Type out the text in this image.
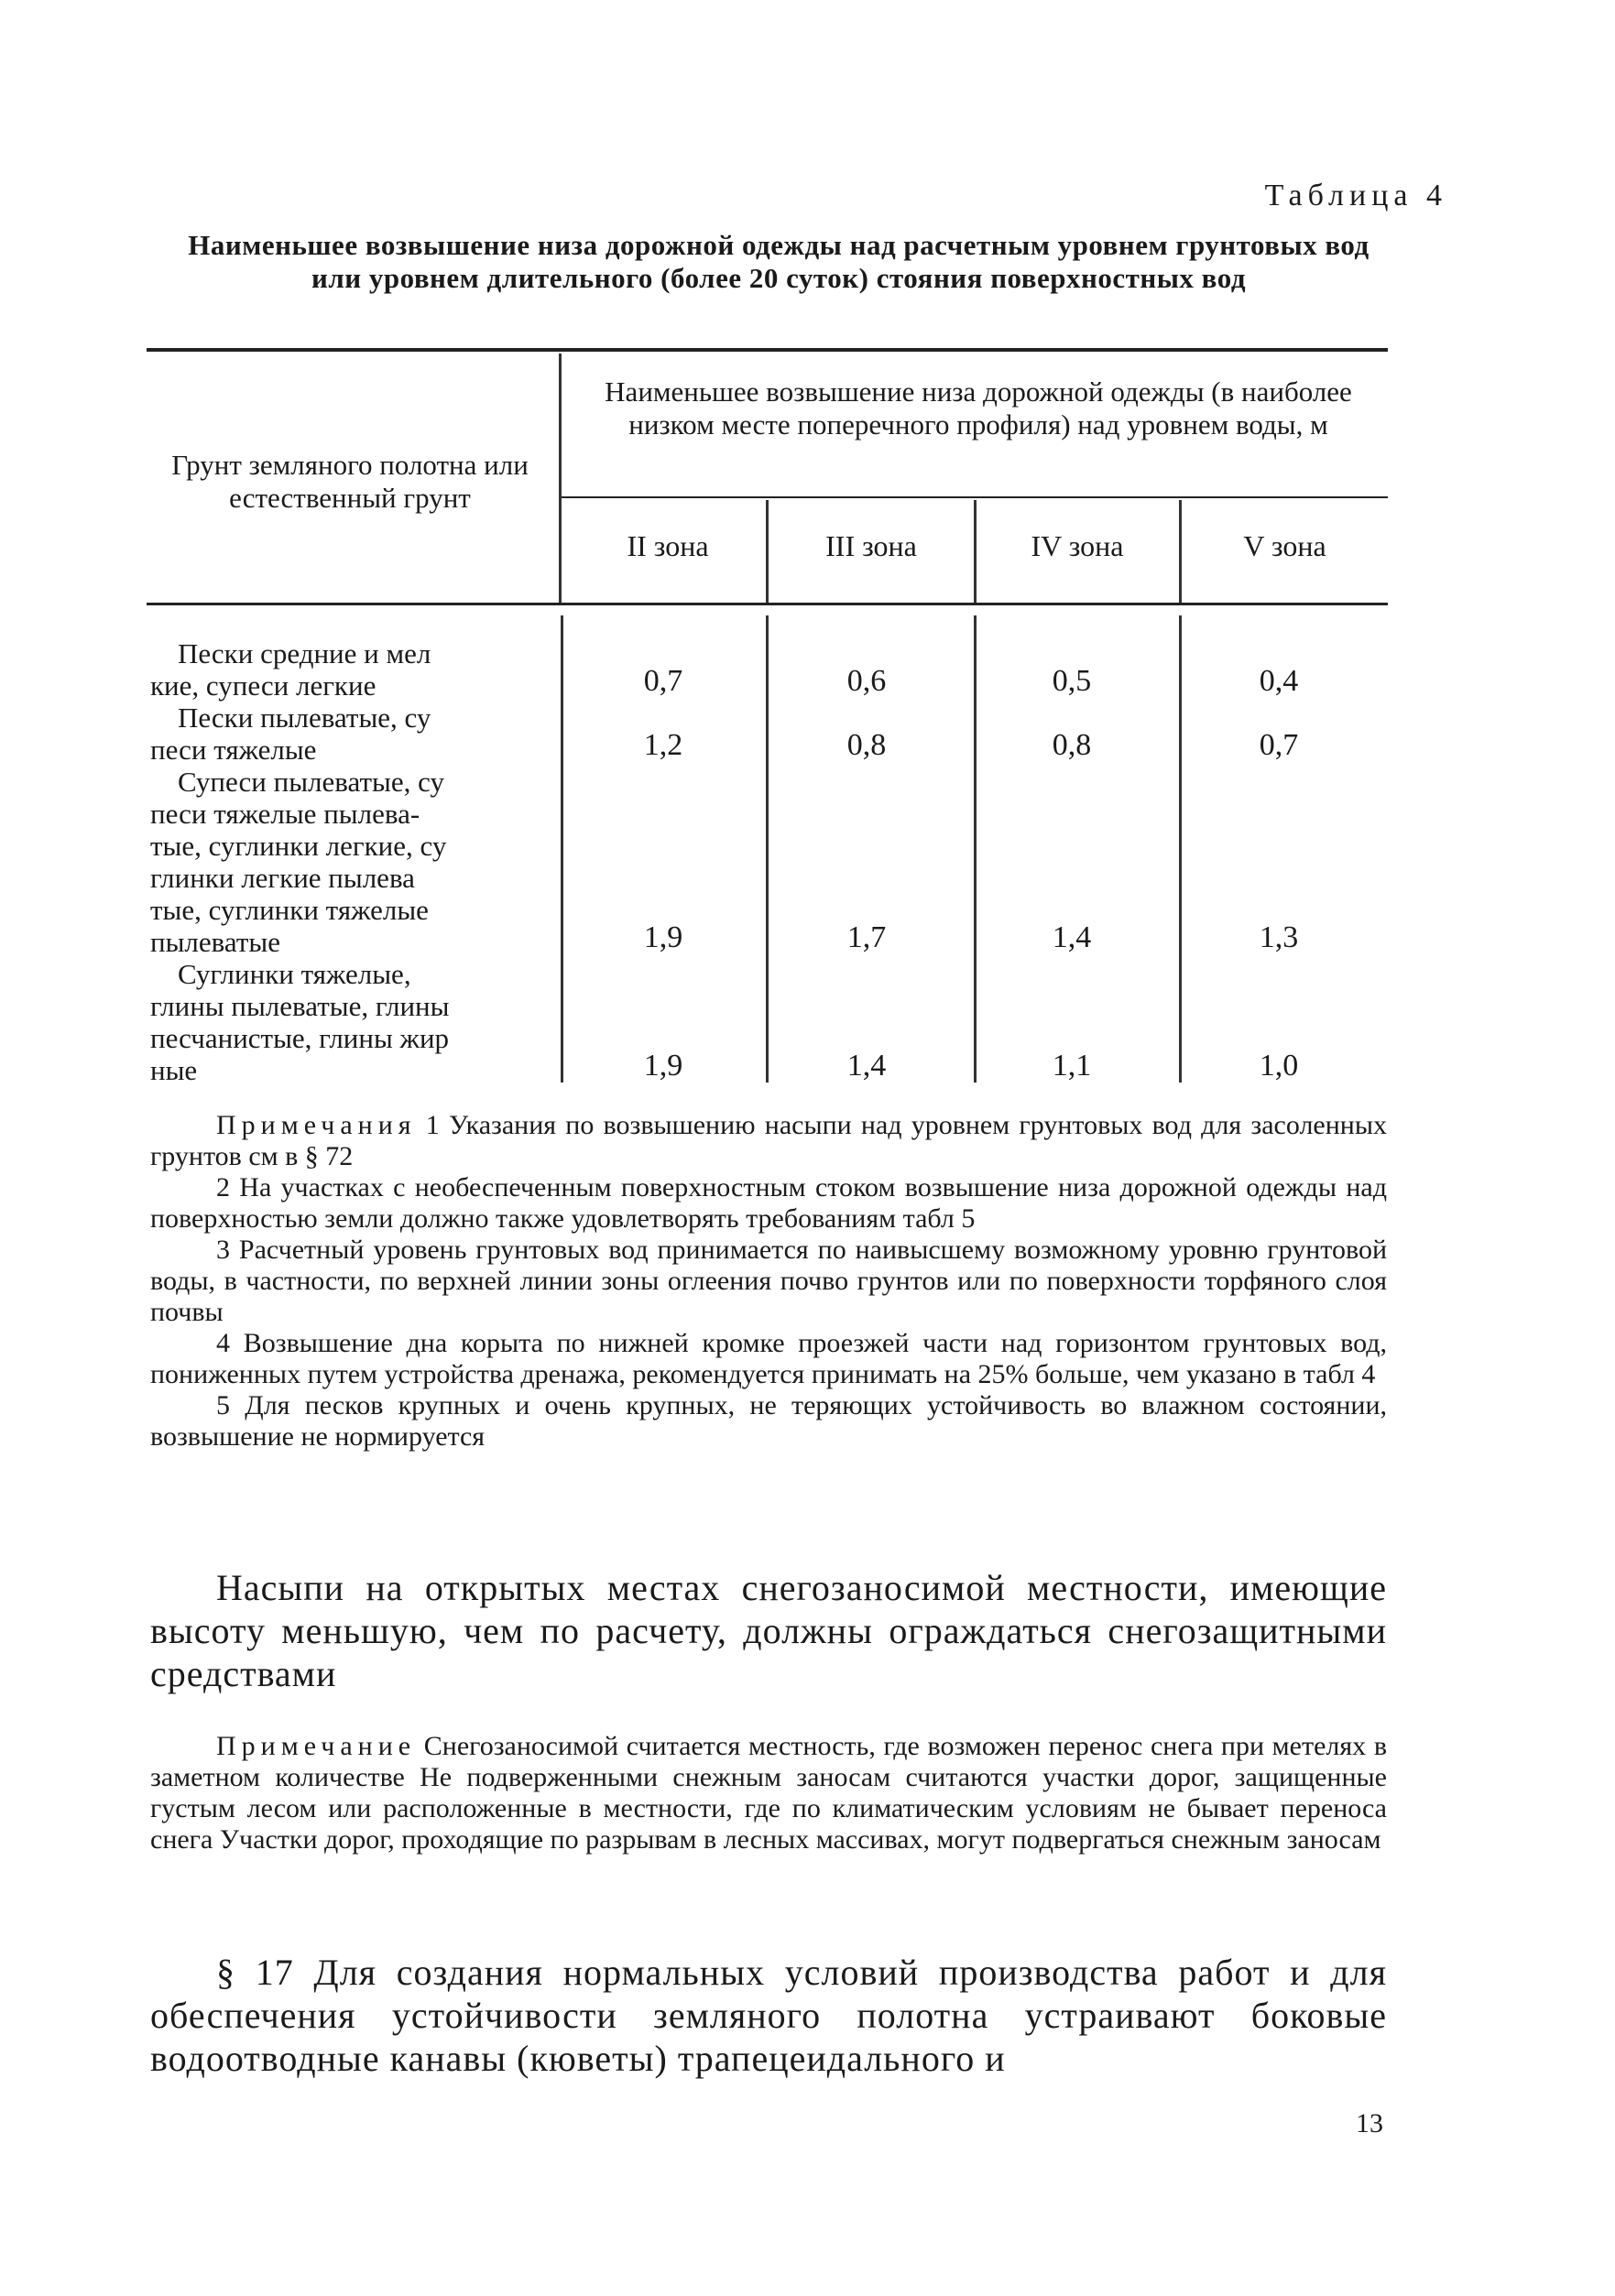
Таблица 4
Наименьшее возвышение низа дорожной одежды над расчетным уровнем грунтовых вод или уровнем длительного (более 20 суток) стояния поверхностных вод
Грунт земляного полотна или естественный грунт
Наименьшее возвышение низа дорожной одежды (в наиболее низком месте поперечного профиля) над уровнем воды, м
II зона	III зона	IV зона	V зона
Пески средние и мел
кие, супеси легкие	0,7	0,6	0,5	0,4
Пески пылеватые, су
песи тяжелые	1,2	0,8	0,8	0,7
Супеси пылеватые, су
песи тяжелые пылева-
тые, суглинки легкие, су
глинки легкие пылева
тые, суглинки тяжелые
пылеватые	1,9	1,7	1,4	1,3
Суглинки тяжелые,
глины пылеватые, глины
песчанистые, глины жир
ные	1,9	1,4	1,1	1,0

Примечания 1 Указания по возвышению насыпи над уровнем грунтовых вод для засоленных грунтов см в § 72

2 На участках с необеспеченным поверхностным стоком возвышение низа дорожной одежды над поверхностью земли должно также удовлетворять требованиям табл 5

3 Расчетный уровень грунтовых вод принимается по наивысшему возможному уровню грунтовой воды, в частности, по верхней линии зоны оглеения почво грунтов или по поверхности торфяного слоя почвы

4 Возвышение дна корыта по нижней кромке проезжей части над горизонтом грунтовых вод, пониженных путем устройства дренажа, рекомендуется принимать на 25% больше, чем указано в табл 4

5 Для песков крупных и очень крупных, не теряющих устойчивость во влажном состоянии, возвышение не нормируется

Насыпи на открытых местах снегозаносимой местности, имеющие высоту меньшую, чем по расчету, должны ограждаться снегозащитными средствами

Примечание Снегозаносимой считается местность, где возможен перенос снега при метелях в заметном количестве Не подверженными снежным заносам считаются участки дорог, защищенные густым лесом или расположенные в местности, где по климатическим условиям не бывает переноса снега Участки дорог, проходящие по разрывам в лесных массивах, могут подвергаться снежным заносам

§ 17 Для создания нормальных условий производства работ и для обеспечения устойчивости земляного полотна устраивают боковые водоотводные канавы (кюветы) трапецеидального и

13
